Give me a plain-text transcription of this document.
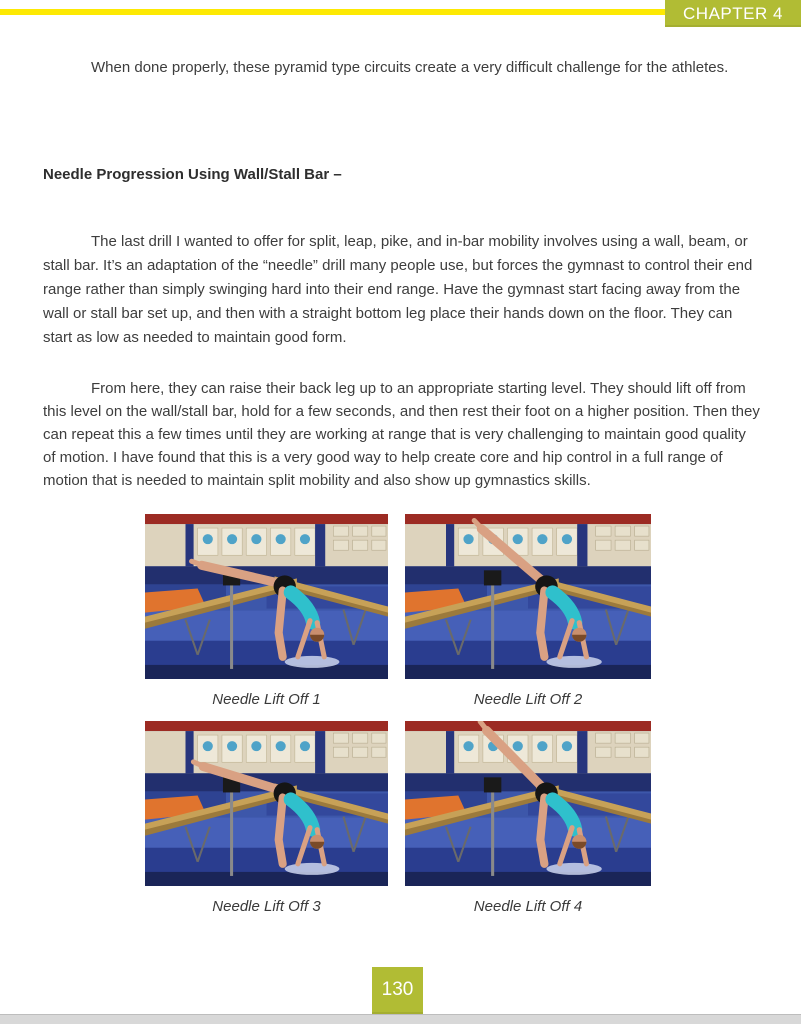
CHAPTER 4

When done properly, these pyramid type circuits create a very difficult challenge for the athletes.

Needle Progression Using Wall/Stall Bar –

The last drill I wanted to offer for split, leap, pike, and in-bar mobility involves using a wall, beam, or stall bar. It’s an adaptation of the “needle” drill many people use, but forces the gymnast to control their end range rather than simply swinging hard into their end range. Have the gymnast start facing away from the wall or stall bar set up, and then with a straight bottom leg place their hands down on the floor. They can start as low as needed to maintain good form.

From here, they can raise their back leg up to an appropriate starting level. They should lift off from this level on the wall/stall bar, hold for a few seconds, and then rest their foot on a higher position. Then they can repeat this a few times until they are working at range that is very challenging to maintain good quality of motion. I have found that this is a very good way to help create core and hip control in a full range of motion that is needed to maintain split mobility and also show up gymnastics skills.

Needle Lift Off 1	Needle Lift Off 2
Needle Lift Off 3	Needle Lift Off 4
130
